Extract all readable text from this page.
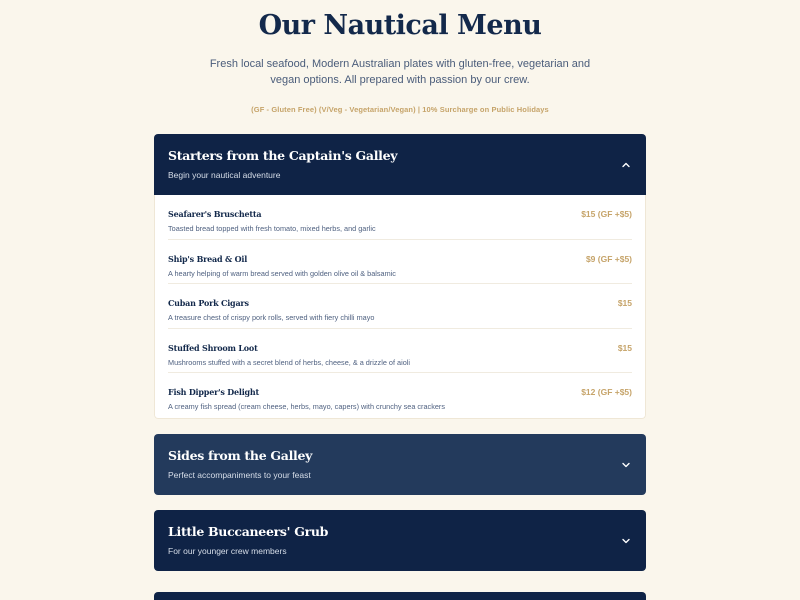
Our Nautical Menu

Fresh local seafood, Modern Australian plates with gluten-free, vegetarian and vegan options. All prepared with passion by our crew.

(GF - Gluten Free) (V/Veg - Vegetarian/Vegan) | 10% Surcharge on Public Holidays

Starters from the Captain's Galley
Begin your nautical adventure
Seafarer's Bruschetta
Toasted bread topped with fresh tomato, mixed herbs, and garlic
$15 (GF +$5)
Ship's Bread & Oil
A hearty helping of warm bread served with golden olive oil & balsamic
$9 (GF +$5)
Cuban Pork Cigars
A treasure chest of crispy pork rolls, served with fiery chilli mayo
$15
Stuffed Shroom Loot
Mushrooms stuffed with a secret blend of herbs, cheese, & a drizzle of aioli
$15
Fish Dipper's Delight
A creamy fish spread (cream cheese, herbs, mayo, capers) with crunchy sea crackers
$12 (GF +$5)
Sides from the Galley
Perfect accompaniments to your feast
Little Buccaneers' Grub
For our younger crew members
